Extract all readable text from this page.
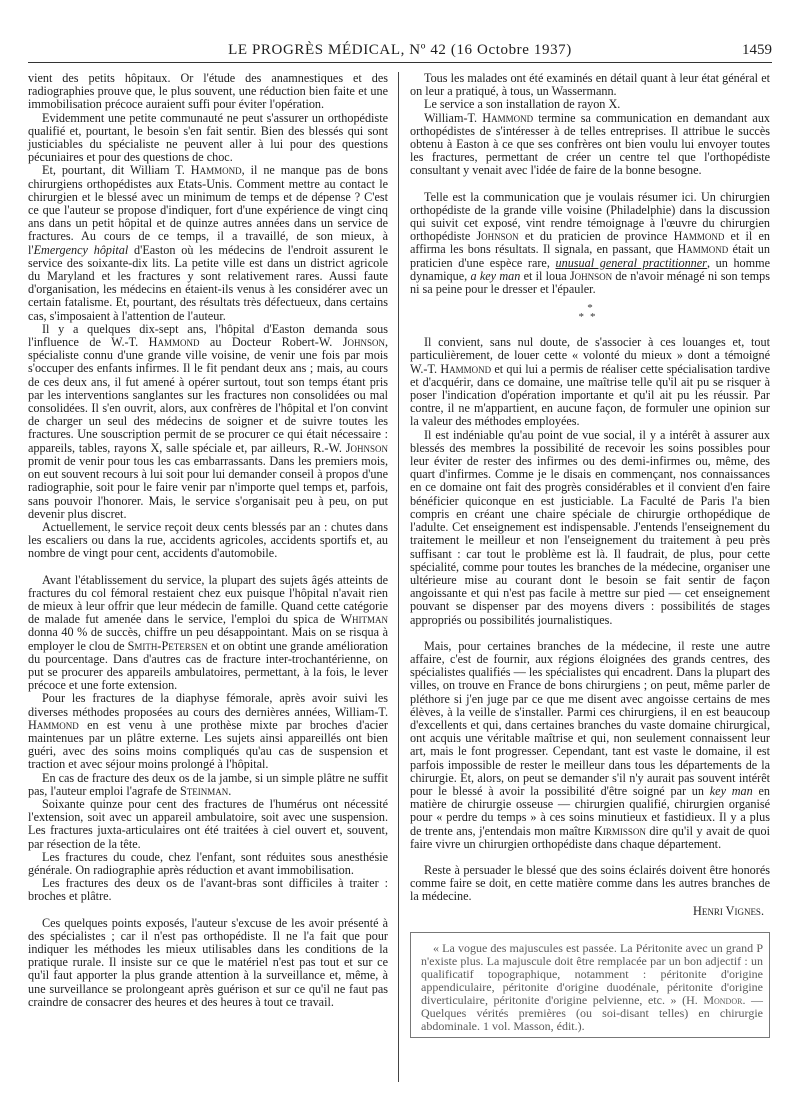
LE PROGRÈS MÉDICAL, Nº 42 (16 Octobre 1937)	1459

vient des petits hôpitaux. Or l'étude des anamnestiques et des radiographies prouve que, le plus souvent, une réduction bien faite et une immobilisation précoce auraient suffi pour éviter l'opération.

Evidemment une petite communauté ne peut s'assurer un orthopédiste qualifié et, pourtant, le besoin s'en fait sentir. Bien des blessés qui sont justiciables du spécialiste ne peuvent aller à lui pour des questions pécuniaires et pour des questions de choc.

Et, pourtant, dit William T. Hammond, il ne manque pas de bons chirurgiens orthopédistes aux Etats-Unis. Comment mettre au contact le chirurgien et le blessé avec un minimum de temps et de dépense ? C'est ce que l'auteur se propose d'indiquer, fort d'une expérience de vingt cinq ans dans un petit hôpital et de quinze autres années dans un service de fractures. Au cours de ce temps, il a travaillé, de son mieux, à l'Emergency hôpital d'Easton où les médecins de l'endroit assurent le service des soixante-dix lits. La petite ville est dans un district agricole du Maryland et les fractures y sont relativement rares. Aussi faute d'organisation, les médecins en étaient-ils venus à les considérer avec un certain fatalisme. Et, pourtant, des résultats très défectueux, dans certains cas, s'imposaient à l'attention de l'auteur.

Il y a quelques dix-sept ans, l'hôpital d'Easton demanda sous l'influence de W.-T. Hammond au Docteur Robert-W. Johnson, spécialiste connu d'une grande ville voisine, de venir une fois par mois s'occuper des enfants infirmes. Il le fit pendant deux ans ; mais, au cours de ces deux ans, il fut amené à opérer surtout, tout son temps étant pris par les interventions sanglantes sur les fractures non consolidées ou mal consolidées. Il s'en ouvrit, alors, aux confrères de l'hôpital et l'on convint de charger un seul des médecins de soigner et de suivre toutes les fractures. Une souscription permit de se procurer ce qui était nécessaire : appareils, tables, rayons X, salle spéciale et, par ailleurs, R.-W. Johnson promit de venir pour tous les cas embarrassants. Dans les premiers mois, on eut souvent recours à lui soit pour lui demander conseil à propos d'une radiographie, soit pour le faire venir par n'importe quel temps et, parfois, sans pouvoir l'honorer. Mais, le service s'organisait peu à peu, on put devenir plus discret.

Actuellement, le service reçoit deux cents blessés par an : chutes dans les escaliers ou dans la rue, accidents agricoles, accidents sportifs et, au nombre de vingt pour cent, accidents d'automobile.

Avant l'établissement du service, la plupart des sujets âgés atteints de fractures du col fémoral restaient chez eux puisque l'hôpital n'avait rien de mieux à leur offrir que leur médecin de famille. Quand cette catégorie de malade fut amenée dans le service, l'emploi du spica de Whitman donna 40 % de succès, chiffre un peu désappointant. Mais on se risqua à employer le clou de Smith-Petersen et on obtint une grande amélioration du pourcentage. Dans d'autres cas de fracture inter-trochantérienne, on put se procurer des appareils ambulatoires, permettant, à la fois, le lever précoce et une forte extension.

Pour les fractures de la diaphyse fémorale, après avoir suivi les diverses méthodes proposées au cours des dernières années, William-T. Hammond en est venu à une prothèse mixte par broches d'acier maintenues par un plâtre externe. Les sujets ainsi appareillés ont bien guéri, avec des soins moins compliqués qu'au cas de suspension et traction et avec séjour moins prolongé à l'hôpital.

En cas de fracture des deux os de la jambe, si un simple plâtre ne suffit pas, l'auteur emploi l'agrafe de Steinman.

Soixante quinze pour cent des fractures de l'humérus ont nécessité l'extension, soit avec un appareil ambulatoire, soit avec une suspension. Les fractures juxta-articulaires ont été traitées à ciel ouvert et, souvent, par résection de la tête.

Les fractures du coude, chez l'enfant, sont réduites sous anesthésie générale. On radiographie après réduction et avant immobilisation.

Les fractures des deux os de l'avant-bras sont difficiles à traiter : broches et plâtre.

Ces quelques points exposés, l'auteur s'excuse de les avoir présenté à des spécialistes ; car il n'est pas orthopédiste. Il ne l'a fait que pour indiquer les méthodes les mieux utilisables dans les conditions de la pratique rurale. Il insiste sur ce que le matériel n'est pas tout et sur ce qu'il faut apporter la plus grande attention à la surveillance et, même, à une surveillance se prolongeant après guérison et sur ce qu'il ne faut pas craindre de consacrer des heures et des heures à tout ce travail.

Tous les malades ont été examinés en détail quant à leur état général et on leur a pratiqué, à tous, un Wassermann.

Le service a son installation de rayon X.

William-T. Hammond termine sa communication en demandant aux orthopédistes de s'intéresser à de telles entreprises. Il attribue le succès obtenu à Easton à ce que ses confrères ont bien voulu lui envoyer toutes les fractures, permettant de créer un centre tel que l'orthopédiste consultant y venait avec l'idée de faire de la bonne besogne.

Telle est la communication que je voulais résumer ici. Un chirurgien orthopédiste de la grande ville voisine (Philadelphie) dans la discussion qui suivit cet exposé, vint rendre témoignage à l'œuvre du chirurgien orthopédiste Johnson et du praticien de province Hammond et il en affirma les bons résultats. Il signala, en passant, que Hammond était un praticien d'une espèce rare, unusual general practitionner, un homme dynamique, a key man et il loua Johnson de n'avoir ménagé ni son temps ni sa peine pour le dresser et l'épauler.

*
**

Il convient, sans nul doute, de s'associer à ces louanges et, tout particulièrement, de louer cette « volonté du mieux » dont a témoigné W.-T. Hammond et qui lui a permis de réaliser cette spécialisation tardive et d'acquérir, dans ce domaine, une maîtrise telle qu'il ait pu se risquer à poser l'indication d'opération importante et qu'il ait pu les réussir. Par contre, il ne m'appartient, en aucune façon, de formuler une opinion sur la valeur des méthodes employées.

Il est indéniable qu'au point de vue social, il y a intérêt à assurer aux blessés des membres la possibilité de recevoir les soins possibles pour leur éviter de rester des infirmes ou des demi-infirmes ou, même, des quart d'infirmes. Comme je le disais en commençant, nos connaissances en ce domaine ont fait des progrès considérables et il convient d'en faire bénéficier quiconque en est justiciable. La Faculté de Paris l'a bien compris en créant une chaire spéciale de chirurgie orthopédique de l'adulte. Cet enseignement est indispensable. J'entends l'enseignement du traitement le meilleur et non l'enseignement du traitement à peu près suffisant : car tout le problème est là. Il faudrait, de plus, pour cette spécialité, comme pour toutes les branches de la médecine, organiser une ultérieure mise au courant dont le besoin se fait sentir de façon angoissante et qui n'est pas facile à mettre sur pied — cet enseignement pouvant se dispenser par des moyens divers : possibilités de stages appropriés ou possibilités journalistiques.

Mais, pour certaines branches de la médecine, il reste une autre affaire, c'est de fournir, aux régions éloignées des grands centres, des spécialistes qualifiés — les spécialistes qui encadrent. Dans la plupart des villes, on trouve en France de bons chirurgiens ; on peut, même parler de pléthore si j'en juge par ce que me disent avec angoisse certains de mes élèves, à la veille de s'installer. Parmi ces chirurgiens, il en est beaucoup d'excellents et qui, dans certaines branches du vaste domaine chirurgical, ont acquis une véritable maîtrise et qui, non seulement connaissent leur art, mais le font progresser. Cependant, tant est vaste le domaine, il est parfois impossible de rester le meilleur dans tous les départements de la chirurgie. Et, alors, on peut se demander s'il n'y aurait pas souvent intérêt pour le blessé à avoir la possibilité d'être soigné par un key man en matière de chirurgie osseuse — chirurgien qualifié, chirurgien organisé pour « perdre du temps » à ces soins minutieux et fastidieux. Il y a plus de trente ans, j'entendais mon maître Kirmisson dire qu'il y avait de quoi faire vivre un chirurgien orthopédiste dans chaque département.

Reste à persuader le blessé que des soins éclairés doivent être honorés comme faire se doit, en cette matière comme dans les autres branches de la médecine.

Henri Vignes.

« La vogue des majuscules est passée. La Péritonite avec un grand P n'existe plus. La majuscule doit être remplacée par un bon adjectif : un qualificatif topographique, notamment : péritonite d'origine appendiculaire, péritonite d'origine duodénale, péritonite d'origine diverticulaire, péritonite d'origine pelvienne, etc. » (H. Mondor. — Quelques vérités premières (ou soi-disant telles) en chirurgie abdominale. 1 vol. Masson, édit.).
